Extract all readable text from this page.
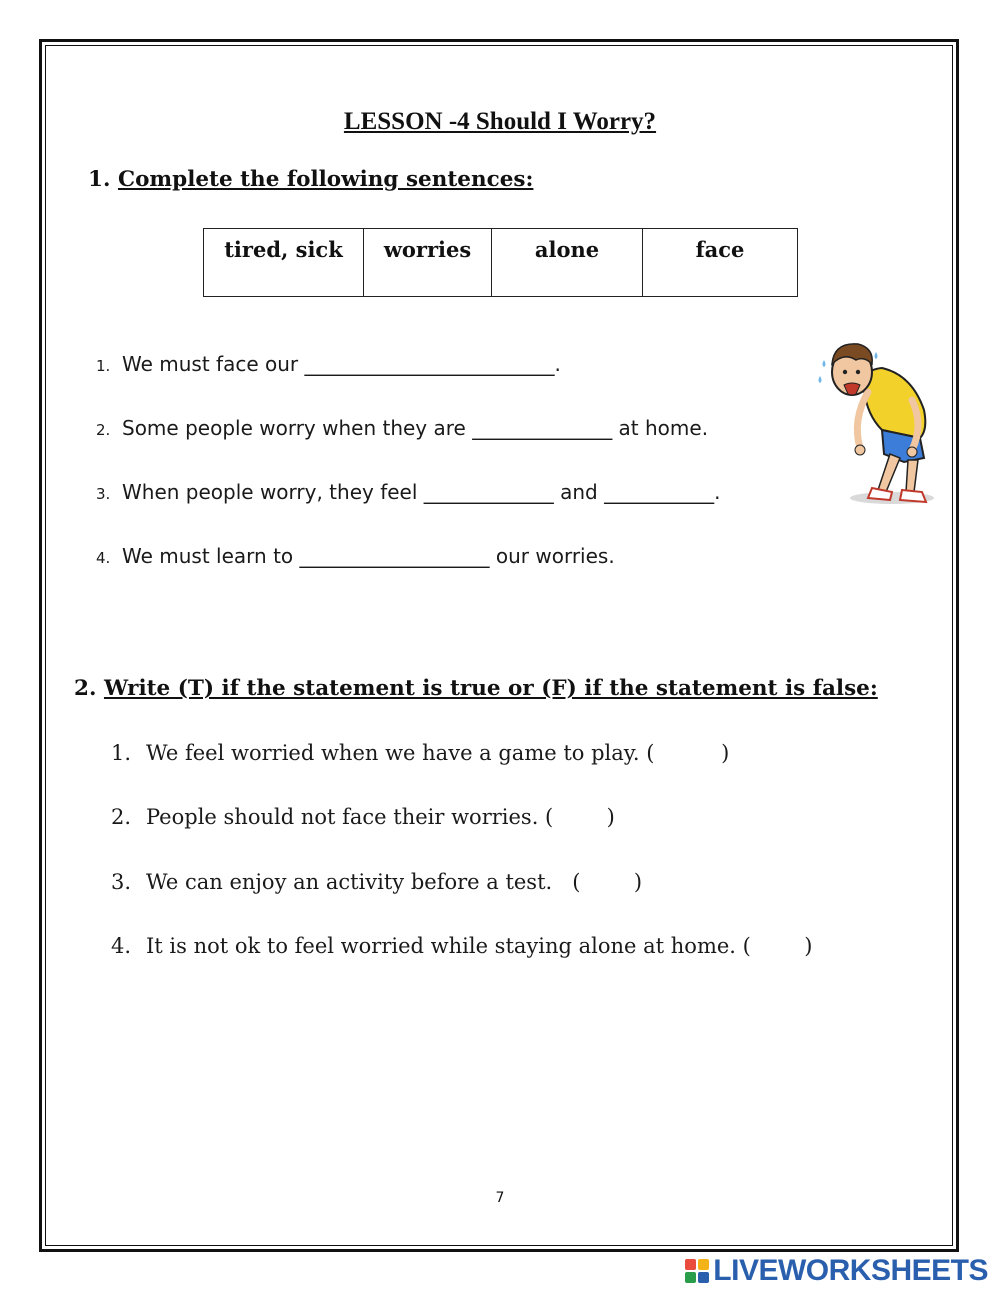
LESSON -4 Should I Worry?
1. Complete the following sentences:
tired, sick	worries	alone	face
1. We must face our _________________________.
2. Some people worry when they are ______________ at home.
3. When people worry, they feel _____________ and ___________.
4. We must learn to ___________________ our worries.
2. Write (T) if the statement is true or (F) if the statement is false:
1. We feel worried when we have a game to play. (          )
2. People should not face their worries. (        )
3. We can enjoy an activity before a test.   (        )
4. It is not ok to feel worried while staying alone at home. (        )
7
LIVEWORKSHEETS
